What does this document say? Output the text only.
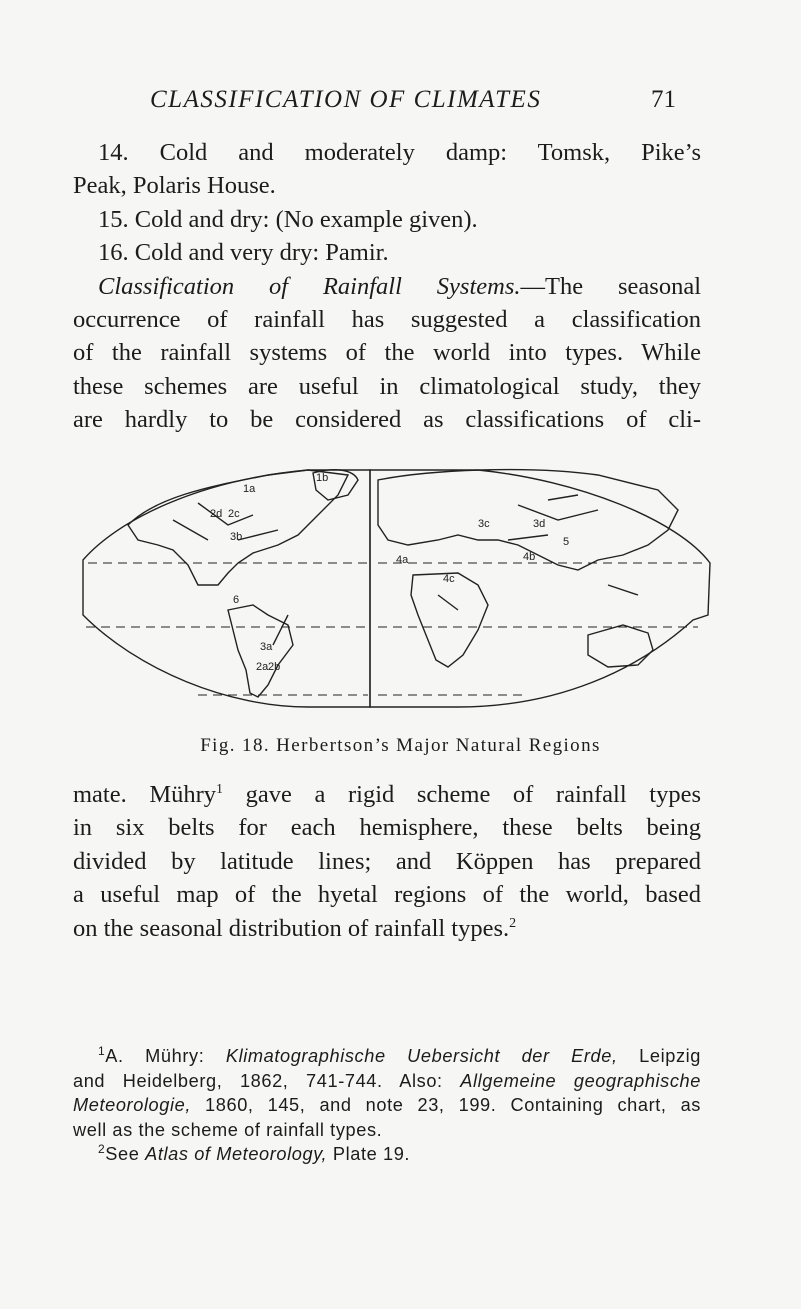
CLASSIFICATION OF CLIMATES	71

14. Cold and moderately damp: Tomsk, Pike’s

Peak, Polaris House.

15. Cold and dry: (No example given).

16. Cold and very dry: Pamir.

Classification of Rainfall Systems.—The seasonal

occurrence of rainfall has suggested a classification

of the rainfall systems of the world into types. While

these schemes are useful in climatological study, they

are hardly to be considered as classifications of cli-

1a
1b
2a 2b
2c
2d
3a
3b
3c	3d
4a	4b
4c
5
6
Fig. 18. Herbertson’s Major Natural Regions

mate. Mühry$^1$ gave a rigid scheme of rainfall types

in six belts for each hemisphere, these belts being

divided by latitude lines; and Köppen has prepared

a useful map of the hyetal regions of the world, based

on the seasonal distribution of rainfall types.$^2$

$^1$A. Mühry: Klimatographische Uebersicht der Erde, Leipzig

and Heidelberg, 1862, 741-744. Also: Allgemeine geographische

Meteorologie, 1860, 145, and note 23, 199. Containing chart, as

well as the scheme of rainfall types.

$^2$See Atlas of Meteorology, Plate 19.
